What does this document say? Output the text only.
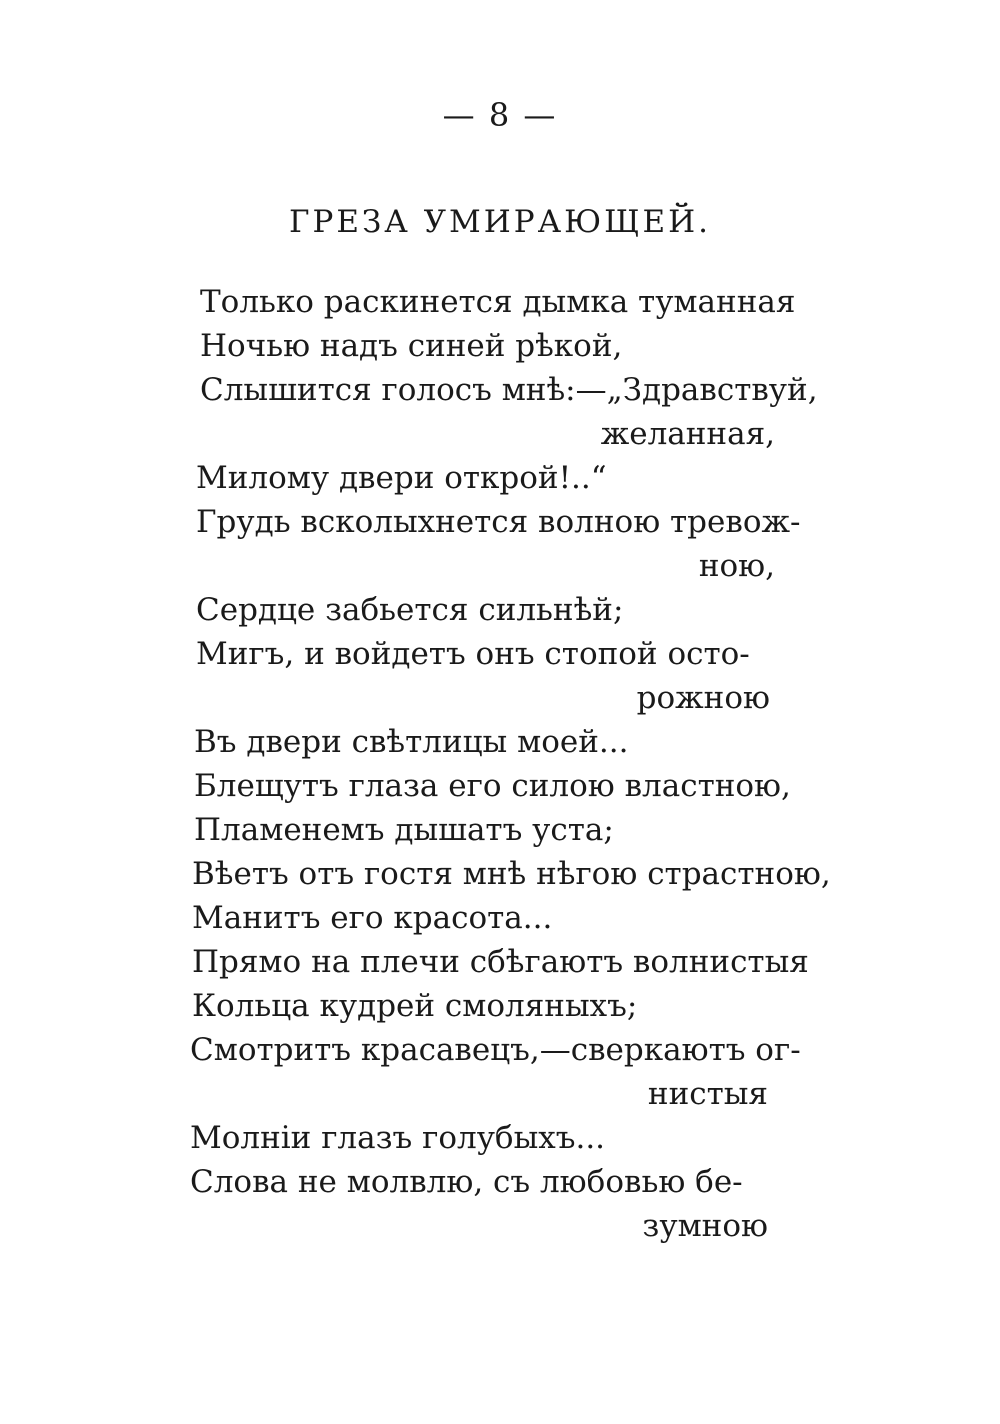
— 8 —
ГРЕЗА УМИРАЮЩЕЙ.
Только раскинется дымка туманная
Ночью надъ синей рѣкой,
Слышится голосъ мнѣ:—„Здравствуй,
желанная,
Милому двери открой!..“
Грудь всколыхнется волною тревож-
ною,
Сердце забьется сильнѣй;
Мигъ, и войдетъ онъ стопой осто-
рожною
Въ двери свѣтлицы моей...
Блещутъ глаза его силою властною,
Пламенемъ дышатъ уста;
Вѣетъ отъ гостя мнѣ нѣгою страстною,
Манитъ его красота...
Прямо на плечи сбѣгаютъ волнистыя
Кольца кудрей смоляныхъ;
Смотритъ красавецъ,—сверкаютъ ог-
нистыя
Молніи глазъ голубыхъ...
Слова не молвлю, съ любовью бе-
зумною
